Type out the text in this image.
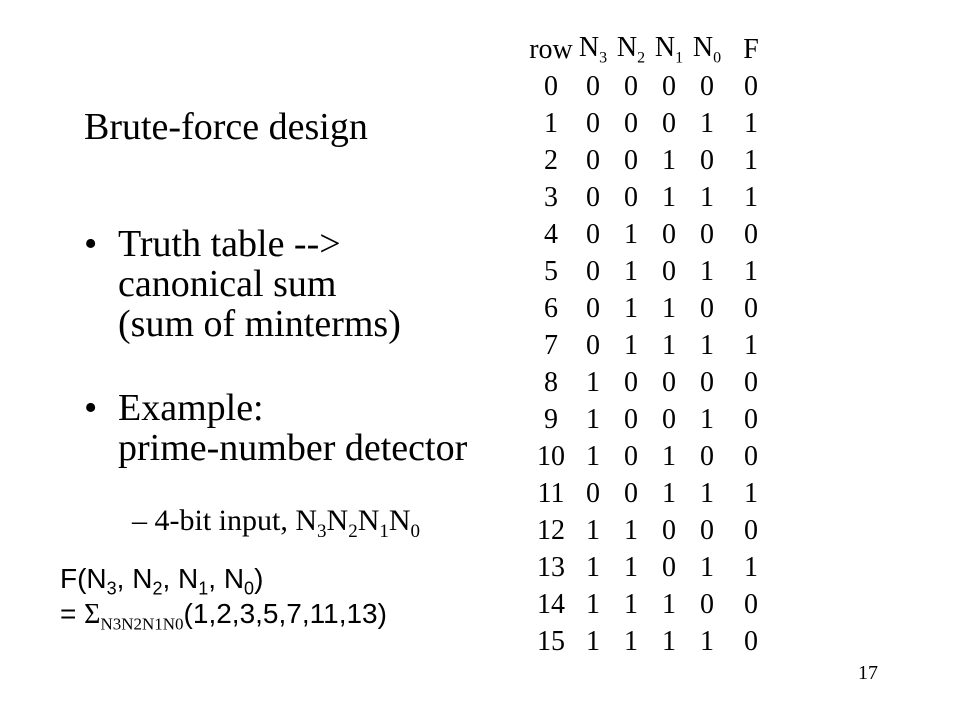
Brute-force design
• Truth table -->
canonical sum
(sum of minterms)
• Example:
prime-number detector
– 4-bit input, $N_3N_2N_1N_0$
$F(N_3$, $N_2$, $N_1$, $N_0$)
= $\Sigma_{N3N2N1N0}(1,2,3,5,7,11,13)$
row	$N_3$	$N_2$	$N_1$	$N_0$	F
0	0	0	0	0	0
1	0	0	0	1	1
2	0	0	1	0	1
3	0	0	1	1	1
4	0	1	0	0	0
5	0	1	0	1	1
6	0	1	1	0	0
7	0	1	1	1	1
8	1	0	0	0	0
9	1	0	0	1	0
10	1	0	1	0	0
11	0	0	1	1	1
12	1	1	0	0	0
13	1	1	0	1	1
14	1	1	1	0	0
15	1	1	1	1	0
17
